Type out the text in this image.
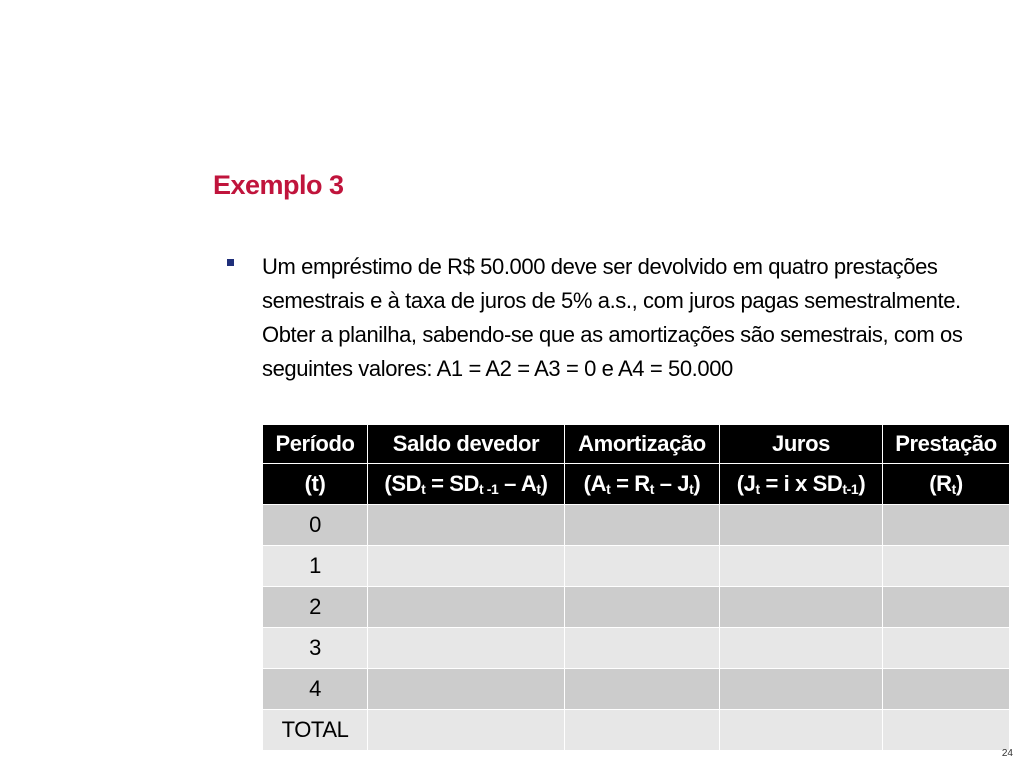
Exemplo 3
Um empréstimo de R$ 50.000 deve ser devolvido em quatro prestações semestrais e à taxa de juros de 5% a.s., com juros pagas semestralmente. Obter a planilha, sabendo-se que as amortizações são semestrais, com os seguintes valores: A1 = A2 = A3 = 0 e A4 = 50.000
Período	Saldo devedor	Amortização	Juros	Prestação
(t)	$(SD_t = SD_{t -1} - A_t)$	$(A_t = R_t - J_t)$	($J_t = i$ x $SD_{t-1}$)	$(R_t)$
0				
1				
2				
3				
4				
TOTAL				
24
